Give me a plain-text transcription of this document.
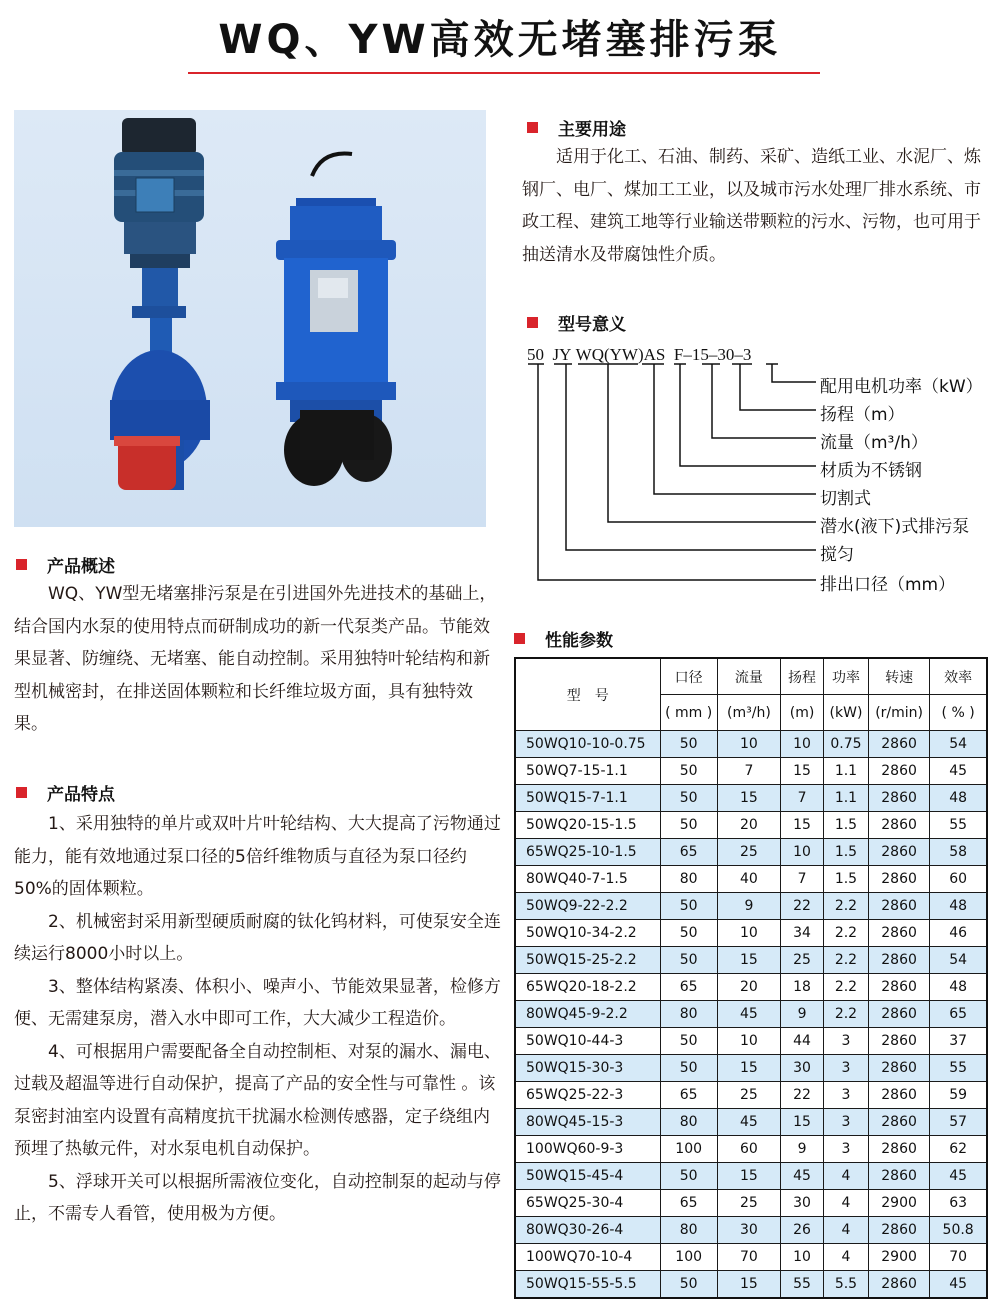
WQ、YW高效无堵塞排污泵
主要用途

适用于化工、石油、制药、采矿、造纸工业、水泥厂、炼钢厂、电厂、煤加工工业，以及城市污水处理厂排水系统、市政工程、建筑工地等行业输送带颗粒的污水、污物，也可用于抽送清水及带腐蚀性介质。

型号意义
50 JY WQ(YW)AS F–15–30–3
配用电机功率（kW）
扬程（m）
流量（m³/h）
材质为不锈钢
切割式
潜水(液下)式排污泵
搅匀
排出口径（mm）
产品概述

WQ、YW型无堵塞排污泵是在引进国外先进技术的基础上，结合国内水泵的使用特点而研制成功的新一代泵类产品。节能效果显著、防缠绕、无堵塞、能自动控制。采用独特叶轮结构和新型机械密封，在排送固体颗粒和长纤维垃圾方面，具有独特效果。

产品特点

1、采用独特的单片或双叶片叶轮结构、大大提高了污物通过能力，能有效地通过泵口径的5倍纤维物质与直径为泵口径约50%的固体颗粒。

2、机械密封采用新型硬质耐腐的钛化钨材料，可使泵安全连续运行8000小时以上。

3、整体结构紧凑、体积小、噪声小、节能效果显著，检修方便、无需建泵房，潜入水中即可工作，大大减少工程造价。

4、可根据用户需要配备全自动控制柜、对泵的漏水、漏电、过载及超温等进行自动保护，提高了产品的安全性与可靠性 。该泵密封油室内设置有高精度抗干扰漏水检测传感器，定子绕组内预埋了热敏元件，对水泵电机自动保护。

5、浮球开关可以根据所需液位变化，自动控制泵的起动与停止，不需专人看管，使用极为方便。

性能参数
型　号	口径	流量	扬程	功率	转速	效率
	( mm )	(m³/h)	(m)	(kW)	(r/min)	( % )
50WQ10-10-0.75	50	10	10	0.75	2860	54
50WQ7-15-1.1	50	7	15	1.1	2860	45
50WQ15-7-1.1	50	15	7	1.1	2860	48
50WQ20-15-1.5	50	20	15	1.5	2860	55
65WQ25-10-1.5	65	25	10	1.5	2860	58
80WQ40-7-1.5	80	40	7	1.5	2860	60
50WQ9-22-2.2	50	9	22	2.2	2860	48
50WQ10-34-2.2	50	10	34	2.2	2860	46
50WQ15-25-2.2	50	15	25	2.2	2860	54
65WQ20-18-2.2	65	20	18	2.2	2860	48
80WQ45-9-2.2	80	45	9	2.2	2860	65
50WQ10-44-3	50	10	44	3	2860	37
50WQ15-30-3	50	15	30	3	2860	55
65WQ25-22-3	65	25	22	3	2860	59
80WQ45-15-3	80	45	15	3	2860	57
100WQ60-9-3	100	60	9	3	2860	62
50WQ15-45-4	50	15	45	4	2860	45
65WQ25-30-4	65	25	30	4	2900	63
80WQ30-26-4	80	30	26	4	2860	50.8
100WQ70-10-4	100	70	10	4	2900	70
50WQ15-55-5.5	50	15	55	5.5	2860	45
